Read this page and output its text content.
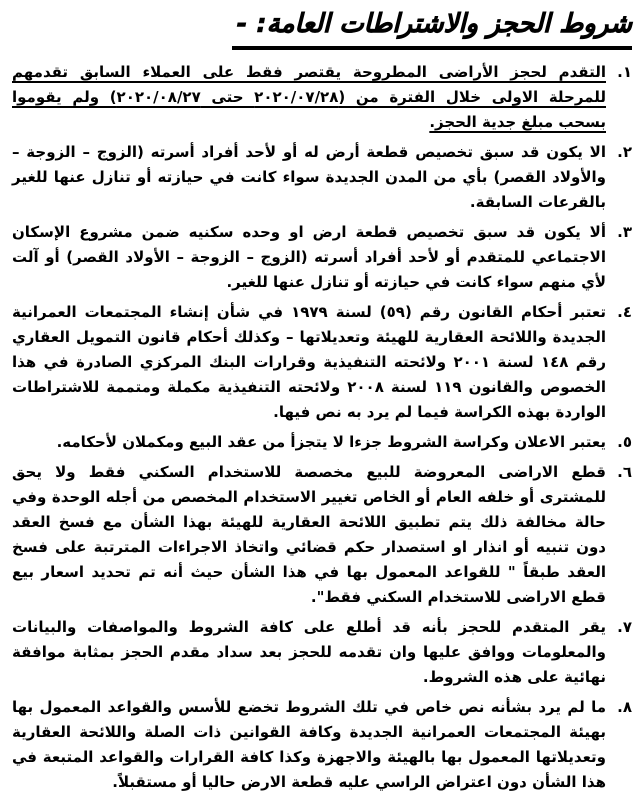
شروط الحجز والاشتراطات العامة: -
١.

التقدم لحجز الأراضى المطروحة يقتصر فقط على العملاء السابق تقدمهم للمرحلة الاولى خلال الفترة من (٢٠٢٠/٠٧/٢٨ حتى ٢٠٢٠/٠٨/٢٧) ولم يقوموا بسحب مبلغ جدية الحجز.

٢.

الا يكون قد سبق تخصيص قطعة أرض له أو لأحد أفراد أسرته (الزوج – الزوجة – والأولاد القصر) بأي من المدن الجديدة سواء كانت في حيازته أو تنازل عنها للغير بالقرعات السابقة.

٣.

ألا يكون قد سبق تخصيص قطعة ارض او وحده سكنيه ضمن مشروع الإسكان الاجتماعي للمتقدم أو لأحد أفراد أسرته (الزوج – الزوجة – الأولاد القصر) أو آلت لأي منهم سواء كانت في حيازته أو تنازل عنها للغير.

٤.

تعتبر أحكام القانون رقم (٥٩) لسنة ١٩٧٩ في شأن إنشاء المجتمعات العمرانية الجديدة واللائحة العقارية للهيئة وتعديلاتها – وكذلك أحكام قانون التمويل العقاري رقم ١٤٨ لسنة ٢٠٠١ ولائحته التنفيذية وقرارات البنك المركزي الصادرة في هذا الخصوص والقانون ١١٩ لسنة ٢٠٠٨ ولائحته التنفيذية مكملة ومتممة للاشتراطات الواردة بهذه الكراسة فيما لم يرد به نص فيها.

٥.

يعتبر الاعلان وكراسة الشروط جزءا لا يتجزأ من عقد البيع ومكملان لأحكامه.

٦.

قطع الاراضى المعروضة للبيع مخصصة للاستخدام السكني فقط ولا يحق للمشترى أو خلفه العام أو الخاص تغيير الاستخدام المخصص من أجله الوحدة وفي حالة مخالفة ذلك يتم تطبيق اللائحة العقارية للهيئة بهذا الشأن مع فسخ العقد دون تنبيه أو انذار او استصدار حكم قضائي واتخاذ الاجراءات المترتبة على فسخ العقد طبقاً " للقواعد المعمول بها في هذا الشأن حيث أنه تم تحديد اسعار بيع قطع الاراضى للاستخدام السكني فقط".

٧.

يقر المتقدم للحجز بأنه قد أطلع على كافة الشروط والمواصفات والبيانات والمعلومات ووافق عليها وان تقدمه للحجز بعد سداد مقدم الحجز بمثابة موافقة نهائية على هذه الشروط.

٨.

ما لم يرد بشأنه نص خاص في تلك الشروط تخضع للأسس والقواعد المعمول بها بهيئة المجتمعات العمرانية الجديدة وكافة القوانين ذات الصلة واللائحة العقارية وتعديلاتها المعمول بها بالهيئة والاجهزة وكذا كافة القرارات والقواعد المتبعة في هذا الشأن دون اعتراض الراسي عليه قطعة الارض حاليا أو مستقبلاً.
